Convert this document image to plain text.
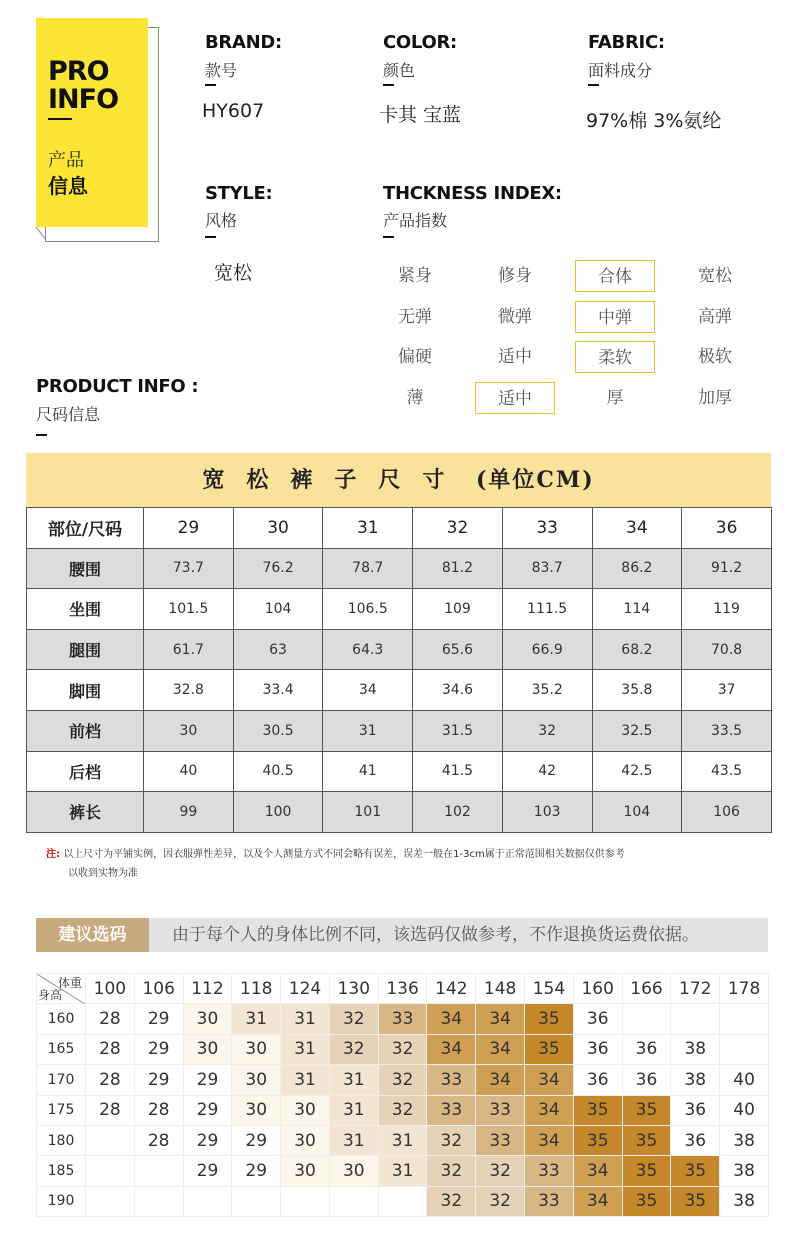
PRO
INFO
产品
信息
BRAND:
款号
HY607
COLOR:
颜色
卡其 宝蓝
FABRIC:
面料成分
97%棉 3%氨纶
STYLE:
风格
宽松
THCKNESS INDEX:
产品指数
紧身	修身	合体	宽松
无弹	微弹	中弹	高弹
偏硬	适中	柔软	极软
薄	适中	厚	加厚
PRODUCT INFO :
尺码信息
宽松裤子尺寸 (单位CM)
部位/尺码	29	30	31	32	33	34	36
腰围	73.7	76.2	78.7	81.2	83.7	86.2	91.2
坐围	101.5	104	106.5	109	111.5	114	119
腿围	61.7	63	64.3	65.6	66.9	68.2	70.8
脚围	32.8	33.4	34	34.6	35.2	35.8	37
前档	30	30.5	31	31.5	32	32.5	33.5
后档	40	40.5	41	41.5	42	42.5	43.5
裤长	99	100	101	102	103	104	106
注: 以上尺寸为平铺实例，因衣服弹性差异，以及个人测量方式不同会略有误差，误差一般在1-3cm属于正常范围相关数据仅供参考
以收到实物为准
建议选码	由于每个人的身体比例不同，该选码仅做参考，不作退换货运费依据。
体重
身高	100	106	112	118	124	130	136	142	148	154	160	166	172	178
160	28	29	30	31	31	32	33	34	34	35	36			
165	28	29	30	30	31	32	32	34	34	35	36	36	38	
170	28	29	29	30	31	31	32	33	34	34	36	36	38	40
175	28	28	29	30	30	31	32	33	33	34	35	35	36	40
180		28	29	29	30	31	31	32	33	34	35	35	36	38
185			29	29	30	30	31	32	32	33	34	35	35	38
190								32	32	33	34	35	35	38
